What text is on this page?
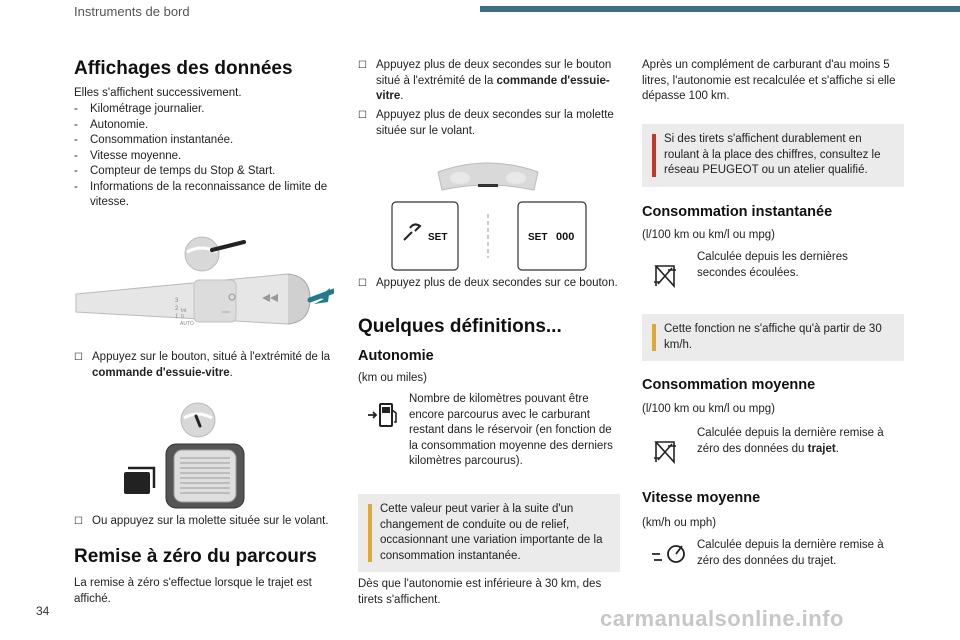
Instruments de bord
Affichages des données

Elles s'affichent successivement.

-	Kilométrage journalier.
-	Autonomie.
-	Consommation instantanée.
-	Vitesse moyenne.
-	Compteur de temps du Stop & Start.
-	Informations de la reconnaissance de limite de vitesse.
3
2
1
Int
0
AUTO
☐ Appuyez sur le bouton, situé à l'extrémité de la commande d'essuie-vitre.
☐ Ou appuyez sur la molette située sur le volant.
Remise à zéro du parcours

La remise à zéro s'effectue lorsque le trajet est affiché.

☐ Appuyez plus de deux secondes sur le bouton situé à l'extrémité de la commande d'essuie-vitre.
☐ Appuyez plus de deux secondes sur la molette située sur le volant.
SET	SET 000
☐ Appuyez plus de deux secondes sur ce bouton.
Quelques définitions...
Autonomie

(km ou miles)

Nombre de kilomètres pouvant être encore parcourus avec le carburant restant dans le réservoir (en fonction de la consommation moyenne des derniers kilomètres parcourus).

Cette valeur peut varier à la suite d'un changement de conduite ou de relief, occasionnant une variation importante de la consommation instantanée.

Dès que l'autonomie est inférieure à 30 km, des tirets s'affichent.

Après un complément de carburant d'au moins 5 litres, l'autonomie est recalculée et s'affiche si elle dépasse 100 km.

Si des tirets s'affichent durablement en roulant à la place des chiffres, consultez le réseau PEUGEOT ou un atelier qualifié.
Consommation instantanée

(l/100 km ou km/l ou mpg)

Calculée depuis les dernières secondes écoulées.

Cette fonction ne s'affiche qu'à partir de 30 km/h.
Consommation moyenne

(l/100 km ou km/l ou mpg)

Calculée depuis la dernière remise à zéro des données du trajet.

Vitesse moyenne

(km/h ou mph)

Calculée depuis la dernière remise à zéro des données du trajet.

34	carmanualsonline.info
